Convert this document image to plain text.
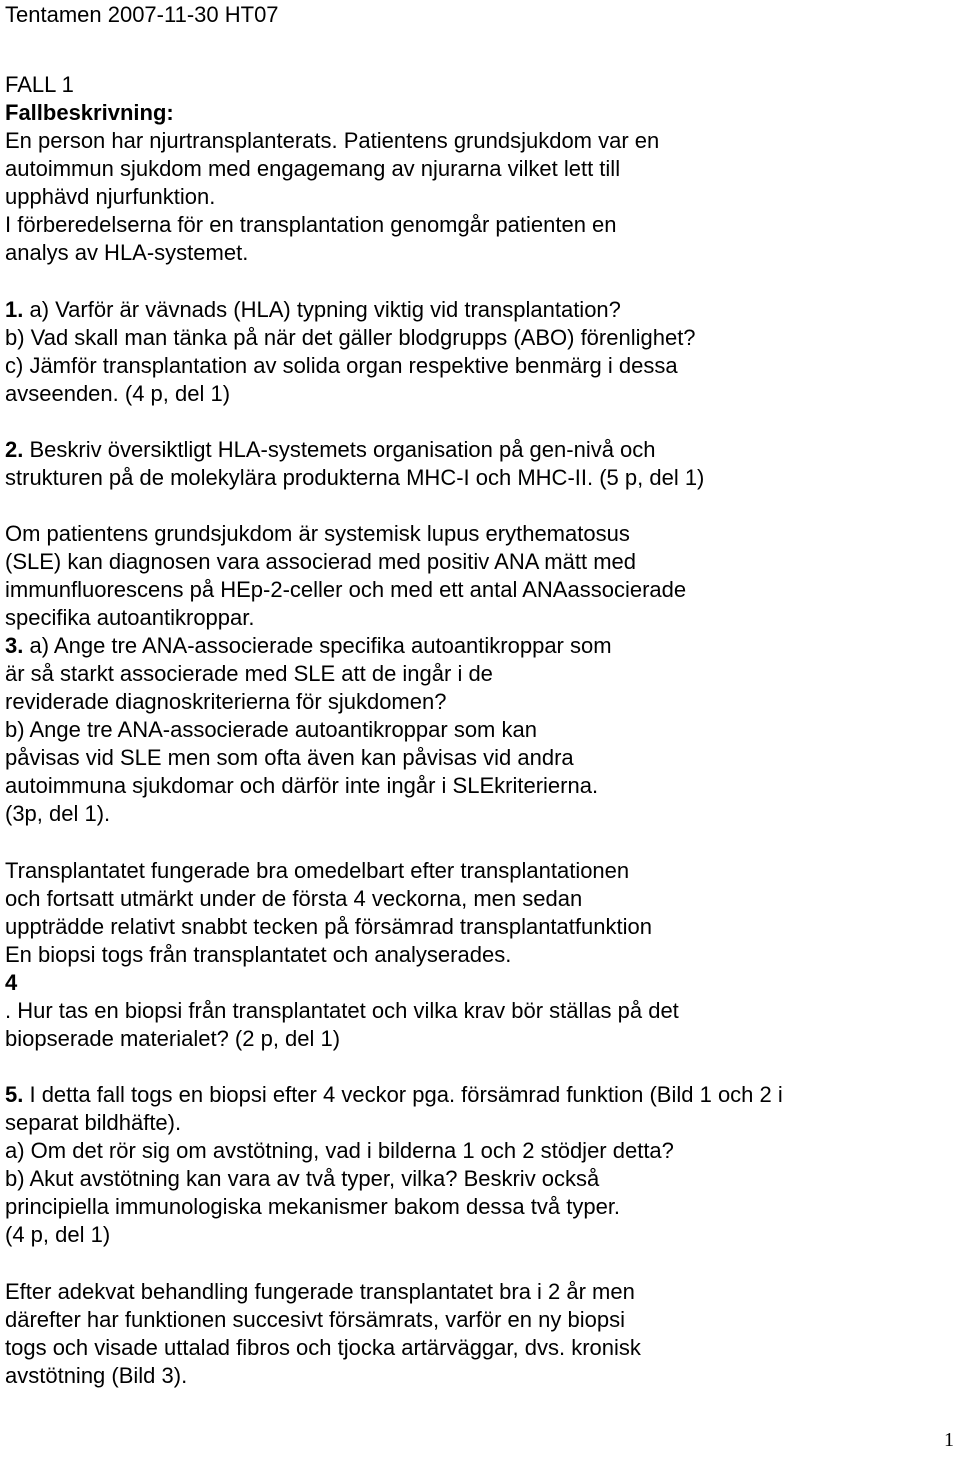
Tentamen 2007-11-30 HT07
FALL 1
Fallbeskrivning:
En person har njurtransplanterats. Patientens grundsjukdom var en
autoimmun sjukdom med engagemang av njurarna vilket lett till
upphävd njurfunktion.
I förberedelserna för en transplantation genomgår patienten en
analys av HLA-systemet.
1. a) Varför är vävnads (HLA) typning viktig vid transplantation?
b) Vad skall man tänka på när det gäller blodgrupps (ABO) förenlighet?
c) Jämför transplantation av solida organ respektive benmärg i dessa
avseenden. (4 p, del 1)
2. Beskriv översiktligt HLA-systemets organisation på gen-nivå och
strukturen på de molekylära produkterna MHC-I och MHC-II. (5 p, del 1)
Om patientens grundsjukdom är systemisk lupus erythematosus
(SLE) kan diagnosen vara associerad med positiv ANA mätt med
immunfluorescens på HEp-2-celler och med ett antal ANAassocierade
specifika autoantikroppar.
3. a) Ange tre ANA-associerade specifika autoantikroppar som
är så starkt associerade med SLE att de ingår i de
reviderade diagnoskriterierna för sjukdomen?
b) Ange tre ANA-associerade autoantikroppar som kan
påvisas vid SLE men som ofta även kan påvisas vid andra
autoimmuna sjukdomar och därför inte ingår i SLEkriterierna.
(3p, del 1).
Transplantatet fungerade bra omedelbart efter transplantationen
och fortsatt utmärkt under de första 4 veckorna, men sedan
uppträdde relativt snabbt tecken på försämrad transplantatfunktion
En biopsi togs från transplantatet och analyserades.
4
. Hur tas en biopsi från transplantatet och vilka krav bör ställas på det
biopserade materialet? (2 p, del 1)
5. I detta fall togs en biopsi efter 4 veckor pga. försämrad funktion (Bild 1 och 2 i
separat bildhäfte).
a) Om det rör sig om avstötning, vad i bilderna 1 och 2 stödjer detta?
b) Akut avstötning kan vara av två typer, vilka? Beskriv också
principiella immunologiska mekanismer bakom dessa två typer.
(4 p, del 1)
Efter adekvat behandling fungerade transplantatet bra i 2 år men
därefter har funktionen succesivt försämrats, varför en ny biopsi
togs och visade uttalad fibros och tjocka artärväggar, dvs. kronisk
avstötning (Bild 3).
1
